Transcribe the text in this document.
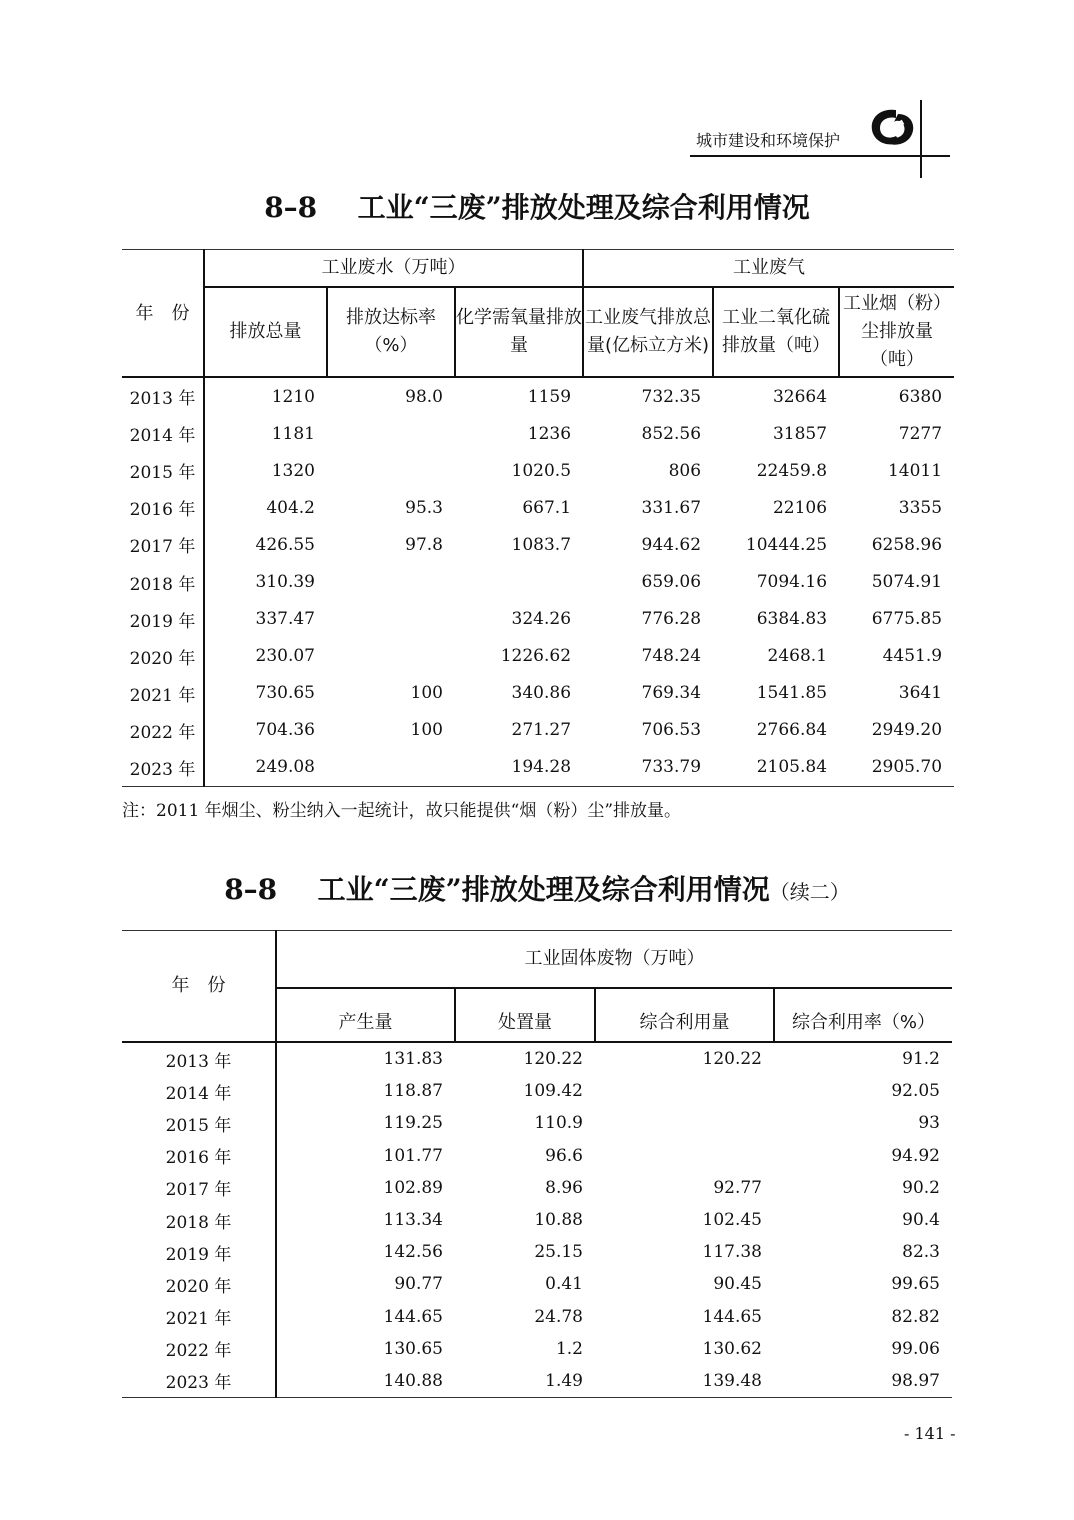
城市建设和环境保护
8–8 工业“三废”排放处理及综合利用情况
年　份	工业废水（万吨）			工业废气		
	排放总量	排放达标率（%）	化学需氧量排放量	工业废气排放总量(亿标立方米)	工业二氧化硫排放量（吨）	工业烟（粉）尘排放量（吨）
2013 年	1210	98.0	1159	732.35	32664	6380
2014 年	1181		1236	852.56	31857	7277
2015 年	1320		1020.5	806	22459.8	14011
2016 年	404.2	95.3	667.1	331.67	22106	3355
2017 年	426.55	97.8	1083.7	944.62	10444.25	6258.96
2018 年	310.39			659.06	7094.16	5074.91
2019 年	337.47		324.26	776.28	6384.83	6775.85
2020 年	230.07		1226.62	748.24	2468.1	4451.9
2021 年	730.65	100	340.86	769.34	1541.85	3641
2022 年	704.36	100	271.27	706.53	2766.84	2949.20
2023 年	249.08		194.28	733.79	2105.84	2905.70
注：2011 年烟尘、粉尘纳入一起统计，故只能提供“烟（粉）尘”排放量。
8–8 工业“三废”排放处理及综合利用情况（续二）
年　份	工业固体废物（万吨）			
	产生量	处置量	综合利用量	综合利用率（%）
2013 年	131.83	120.22	120.22	91.2
2014 年	118.87	109.42		92.05
2015 年	119.25	110.9		93
2016 年	101.77	96.6		94.92
2017 年	102.89	8.96	92.77	90.2
2018 年	113.34	10.88	102.45	90.4
2019 年	142.56	25.15	117.38	82.3
2020 年	90.77	0.41	90.45	99.65
2021 年	144.65	24.78	144.65	82.82
2022 年	130.65	1.2	130.62	99.06
2023 年	140.88	1.49	139.48	98.97
- 141 -
